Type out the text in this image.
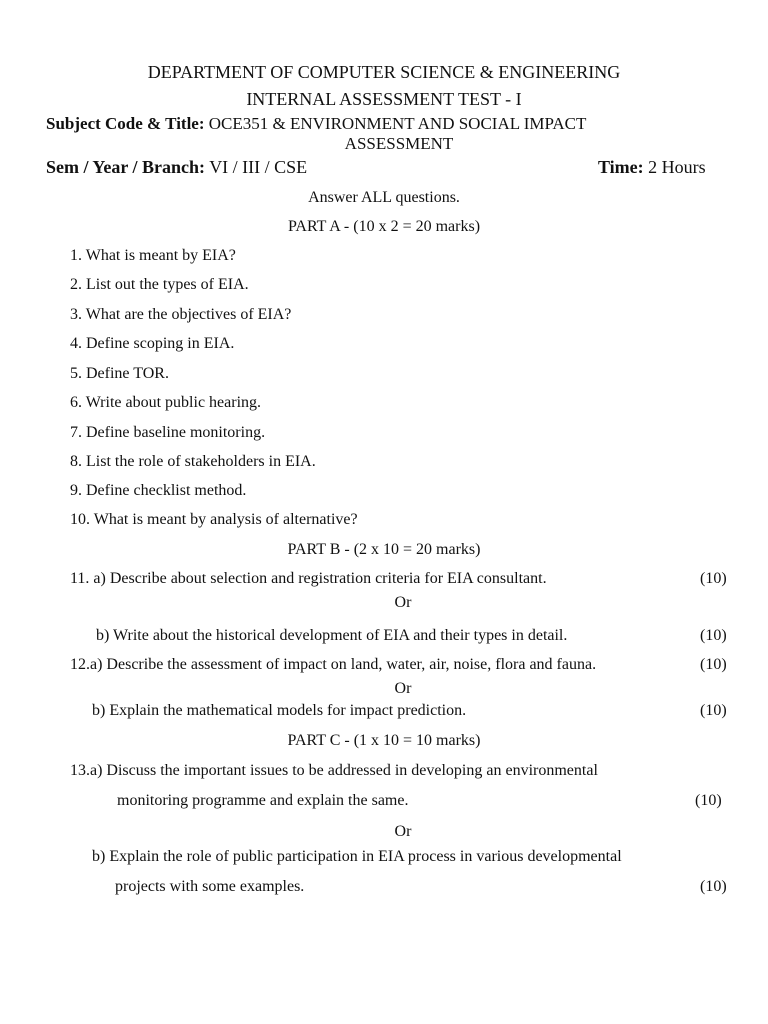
DEPARTMENT OF COMPUTER SCIENCE & ENGINEERING
INTERNAL ASSESSMENT TEST - I
Subject Code & Title: OCE351 & ENVIRONMENT AND SOCIAL IMPACT
ASSESSMENT
Sem / Year / Branch: VI / III / CSE	Time: 2 Hours
Answer ALL questions.
PART A - (10 x 2 = 20 marks)
1. What is meant by EIA?
2. List out the types of EIA.
3. What are the objectives of EIA?
4. Define scoping in EIA.
5. Define TOR.
6. Write about public hearing.
7. Define baseline monitoring.
8. List the role of stakeholders in EIA.
9. Define checklist method.
10. What is meant by analysis of alternative?
PART B - (2 x 10 = 20 marks)
11. a) Describe about selection and registration criteria for EIA consultant.	(10)
Or
b) Write about the historical development of EIA and their types in detail.	(10)
12.a) Describe the assessment of impact on land, water, air, noise, flora and fauna.	(10)
Or
b) Explain the mathematical models for impact prediction.	(10)
PART C - (1 x 10 = 10 marks)
13.a) Discuss the important issues to be addressed in developing an environmental
monitoring programme and explain the same.	(10)
Or
b) Explain the role of public participation in EIA process in various developmental
projects with some examples.	(10)
